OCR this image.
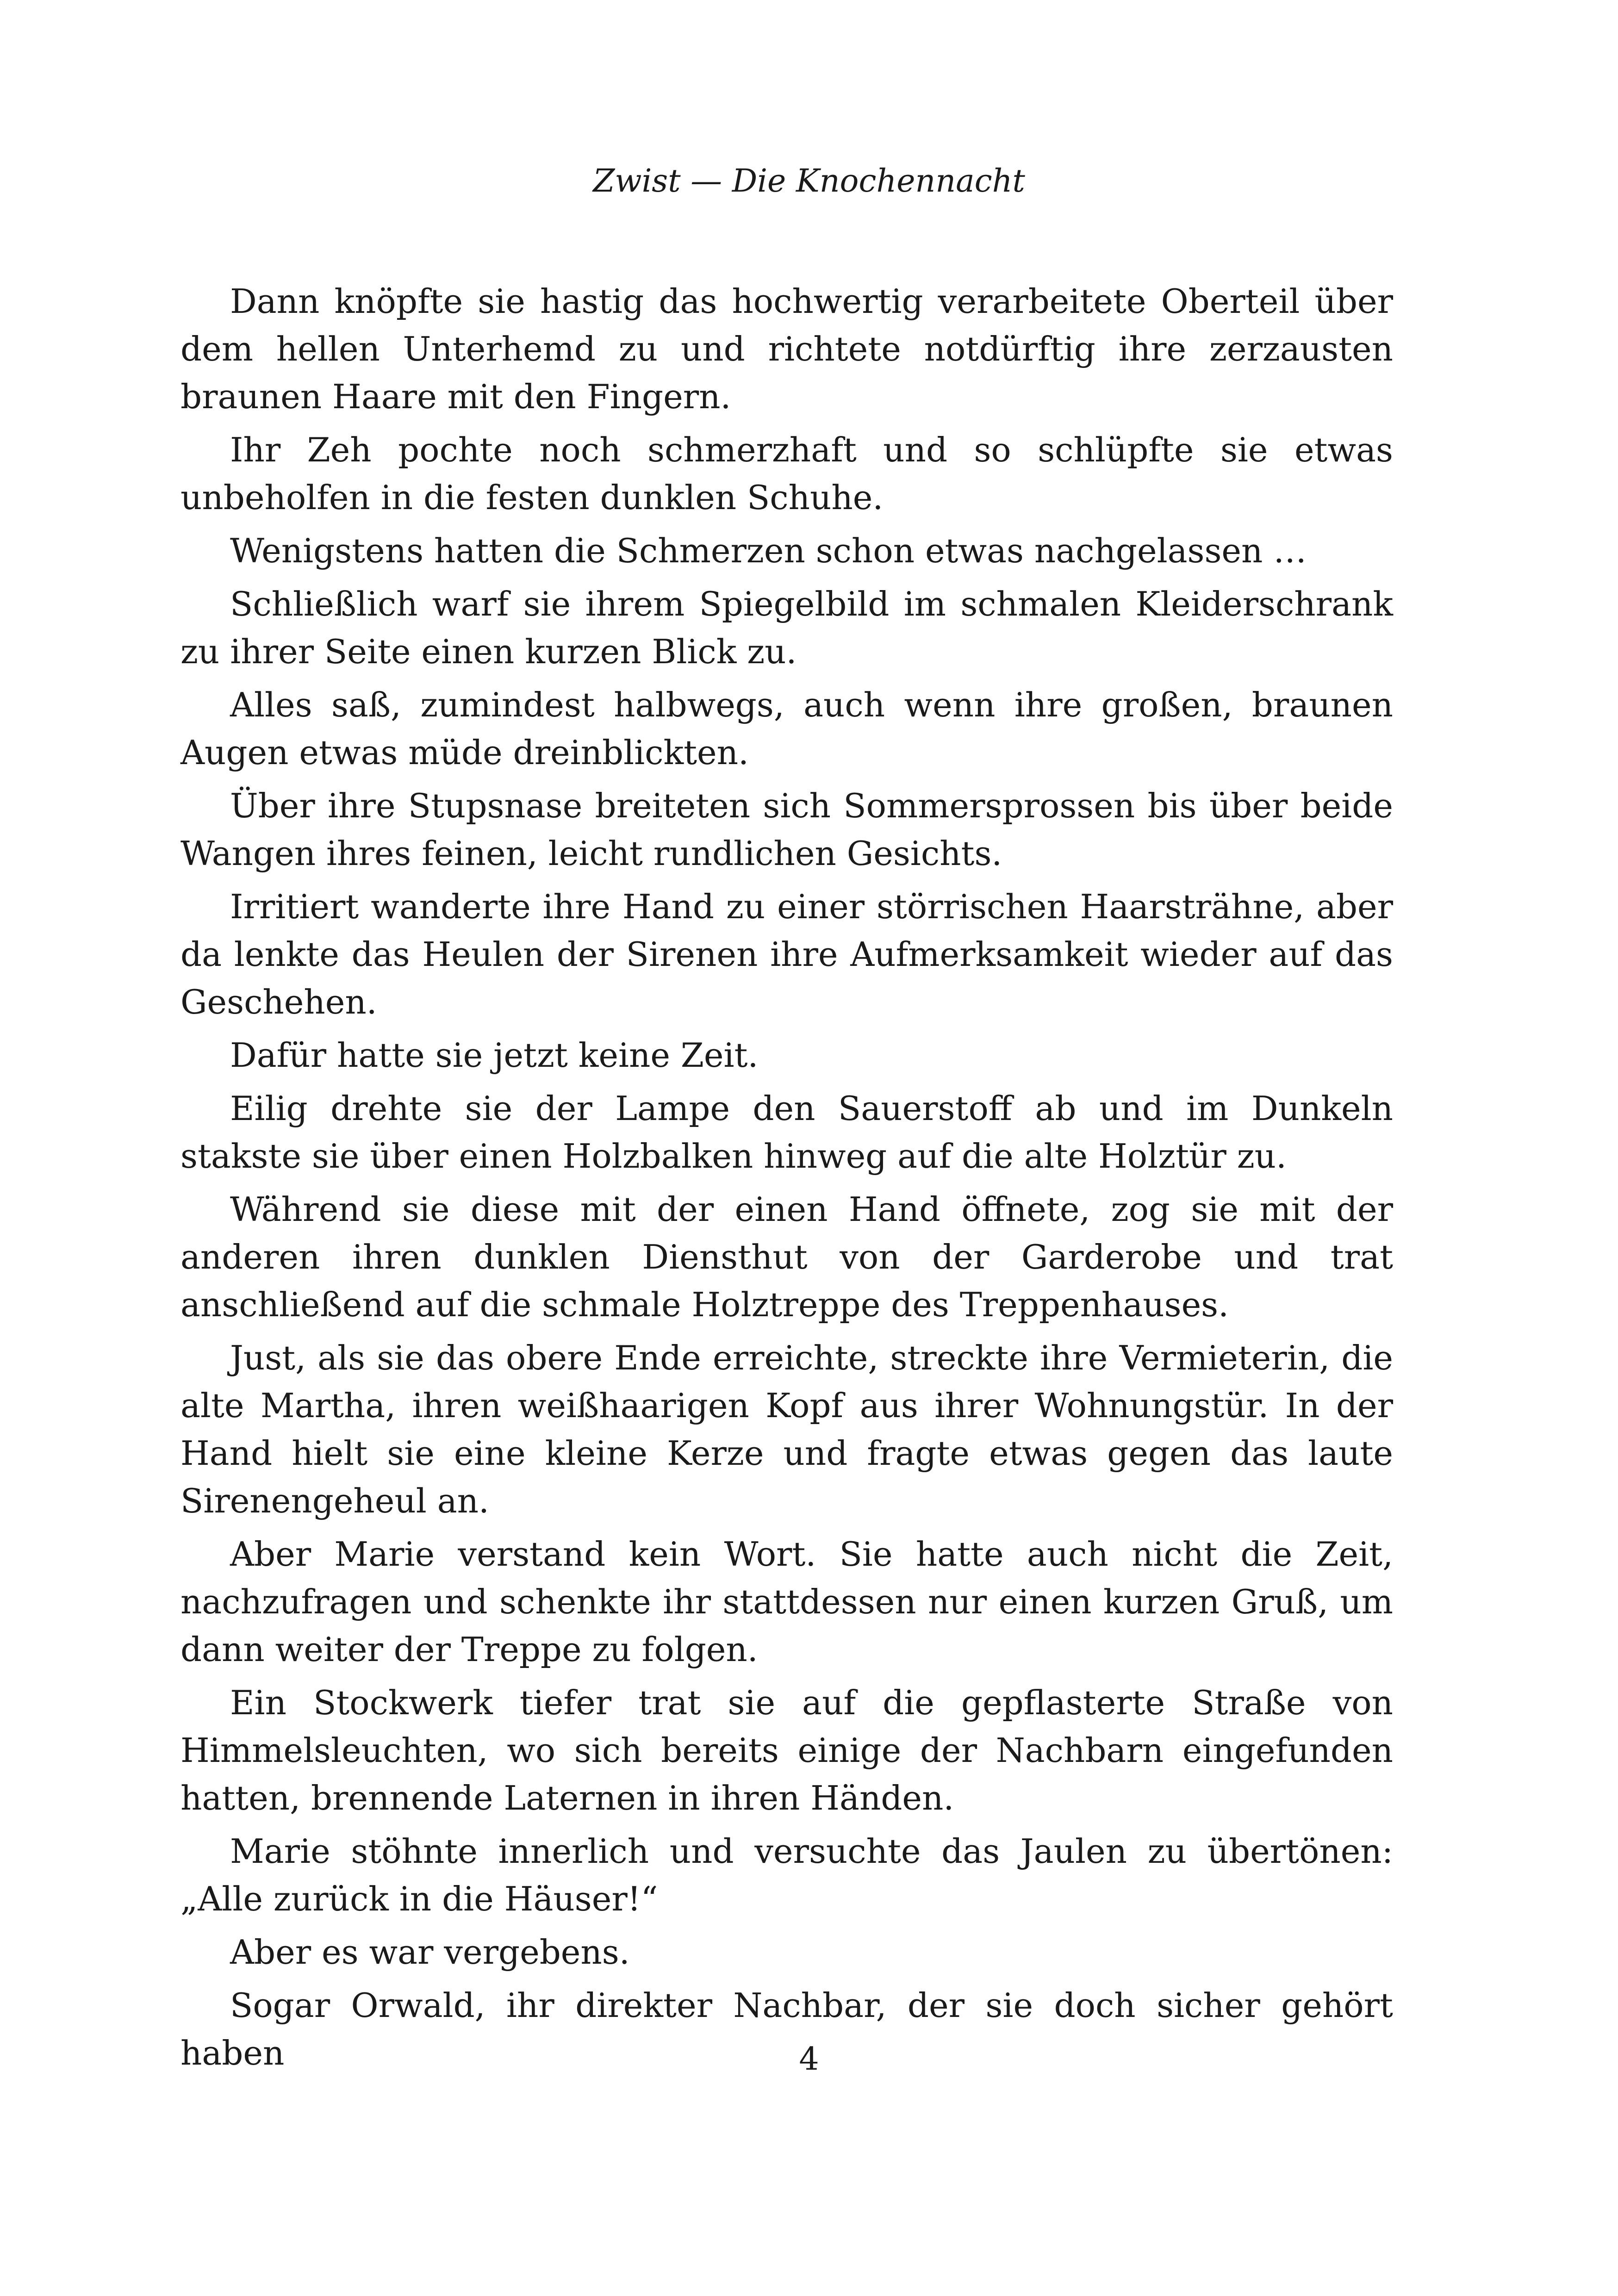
Zwist — Die Knochennacht

Dann knöpfte sie hastig das hochwertig verarbeitete Oberteil über dem hellen Unterhemd zu und richtete notdürftig ihre zerzausten braunen Haare mit den Fingern.

Ihr Zeh pochte noch schmerzhaft und so schlüpfte sie etwas unbeholfen in die festen dunklen Schuhe.

Wenigstens hatten die Schmerzen schon etwas nachgelassen …

Schließlich warf sie ihrem Spiegelbild im schmalen Kleiderschrank zu ihrer Seite einen kurzen Blick zu.

Alles saß, zumindest halbwegs, auch wenn ihre großen, braunen Augen etwas müde dreinblickten.

Über ihre Stupsnase breiteten sich Sommersprossen bis über beide Wangen ihres feinen, leicht rundlichen Gesichts.

Irritiert wanderte ihre Hand zu einer störrischen Haarsträhne, aber da lenkte das Heulen der Sirenen ihre Aufmerksamkeit wieder auf das Geschehen.

Dafür hatte sie jetzt keine Zeit.

Eilig drehte sie der Lampe den Sauerstoff ab und im Dunkeln stakste sie über einen Holzbalken hinweg auf die alte Holztür zu.

Während sie diese mit der einen Hand öffnete, zog sie mit der anderen ihren dunklen Diensthut von der Garderobe und trat anschließend auf die schmale Holztreppe des Treppenhauses.

Just, als sie das obere Ende erreichte, streckte ihre Vermieterin, die alte Martha, ihren weißhaarigen Kopf aus ihrer Wohnungstür. In der Hand hielt sie eine kleine Kerze und fragte etwas gegen das laute Sirenengeheul an.

Aber Marie verstand kein Wort. Sie hatte auch nicht die Zeit, nachzufragen und schenkte ihr stattdessen nur einen kurzen Gruß, um dann weiter der Treppe zu folgen.

Ein Stockwerk tiefer trat sie auf die gepflasterte Straße von Himmelsleuchten, wo sich bereits einige der Nachbarn eingefunden hatten, brennende Laternen in ihren Händen.

Marie stöhnte innerlich und versuchte das Jaulen zu übertönen: „Alle zurück in die Häuser!“

Aber es war vergebens.

Sogar Orwald, ihr direkter Nachbar, der sie doch sicher gehört haben	4
